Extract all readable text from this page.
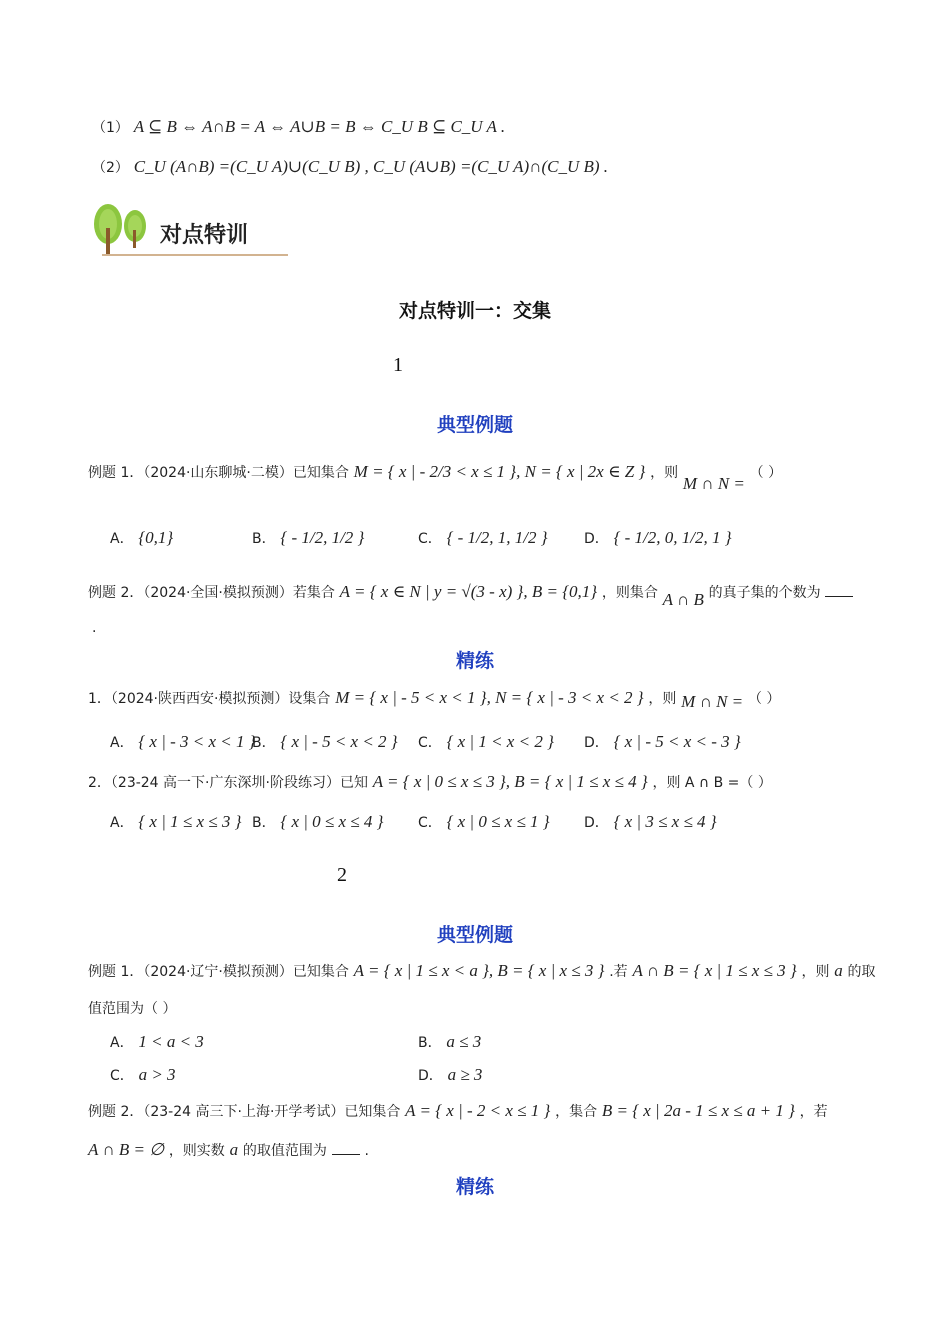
（1） A ⊆ B ⇔ A∩B = A ⇔ A∪B = B ⇔ C_U B ⊆ C_U A .
（2） C_U (A∩B) =(C_U A)∪(C_U B) , C_U (A∪B) =(C_U A)∩(C_U B) .
对点特训
对点特训一：交集
1
典型例题
例题 1．（2024·山东聊城·二模）已知集合 M = { x | - 2/3 < x ≤ 1 }, N = { x | 2x ∈ Z } ，则 M ∩ N = （ ）
A． {0,1}	B． { - 1/2, 1/2 }	C． { - 1/2, 1, 1/2 }	D． { - 1/2, 0, 1/2, 1 }
例题 2．（2024·全国·模拟预测）若集合 A = { x ∈ N | y = √(3 - x) }, B = {0,1} ，则集合 A ∩ B 的真子集的个数为
.
精练
1．（2024·陕西西安·模拟预测）设集合 M = { x | - 5 < x < 1 }, N = { x | - 3 < x < 2 } ，则 M ∩ N = （ ）
A． { x | - 3 < x < 1 }
B． { x | - 5 < x < 2 } C． { x | 1 < x < 2 } D． { x | - 5 < x < - 3 }
2．（23-24 高一下·广东深圳·阶段练习）已知 A = { x | 0 ≤ x ≤ 3 }, B = { x | 1 ≤ x ≤ 4 } ，则 A ∩ B =（ ）
A． { x | 1 ≤ x ≤ 3 } B． { x | 0 ≤ x ≤ 4 } C． { x | 0 ≤ x ≤ 1 } D． { x | 3 ≤ x ≤ 4 }
2
典型例题
例题 1．（2024·辽宁·模拟预测）已知集合 A = { x | 1 ≤ x < a }, B = { x | x ≤ 3 } .若 A ∩ B = { x | 1 ≤ x ≤ 3 } ，则 a 的取
值范围为（ ）
A． 1 < a < 3	B． a ≤ 3
C． a > 3	D． a ≥ 3
例题 2．（23-24 高三下·上海·开学考试）已知集合 A = { x | - 2 < x ≤ 1 } ，集合 B = { x | 2a - 1 ≤ x ≤ a + 1 } ，若
A ∩ B = ∅ ，则实数 a 的取值范围为	.
精练
